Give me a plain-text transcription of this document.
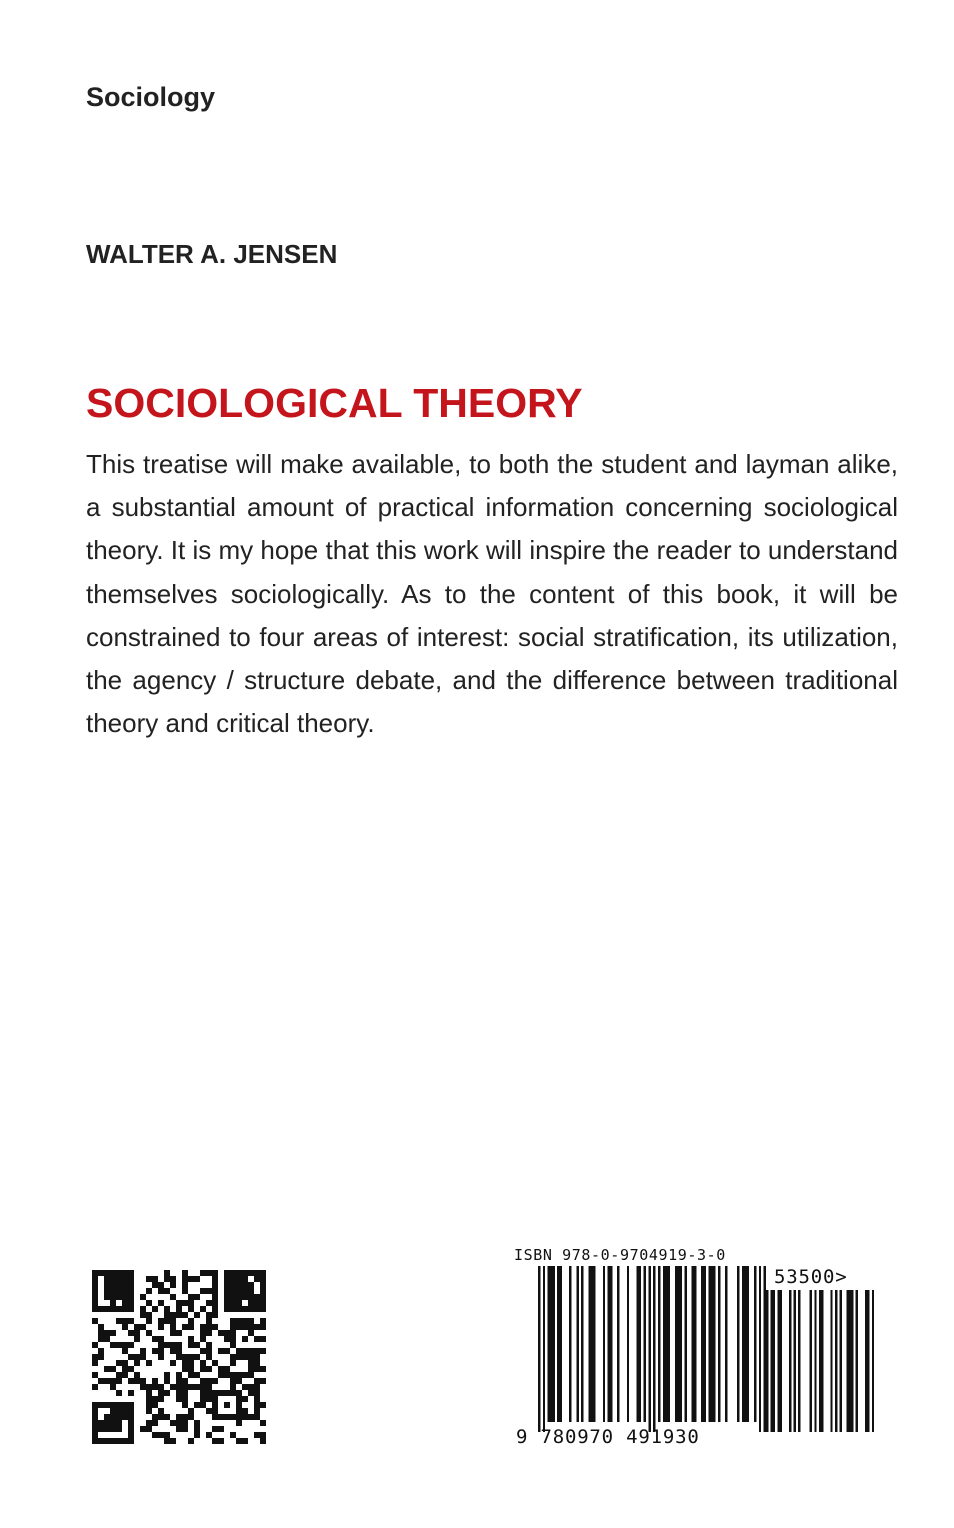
Sociology
WALTER A. JENSEN
SOCIOLOGICAL THEORY

This treatise will make available, to both the student and layman alike, a substantial amount of practical information concerning sociological theory. It is my hope that this work will inspire the reader to understand themselves sociologically. As to the content of this book, it will be constrained to four areas of interest: social stratification, its utilization, the agency / structure debate, and the difference between traditional theory and critical theory.

ISBN 978-0-9704919-3-0
53500>
9 780970 491930
